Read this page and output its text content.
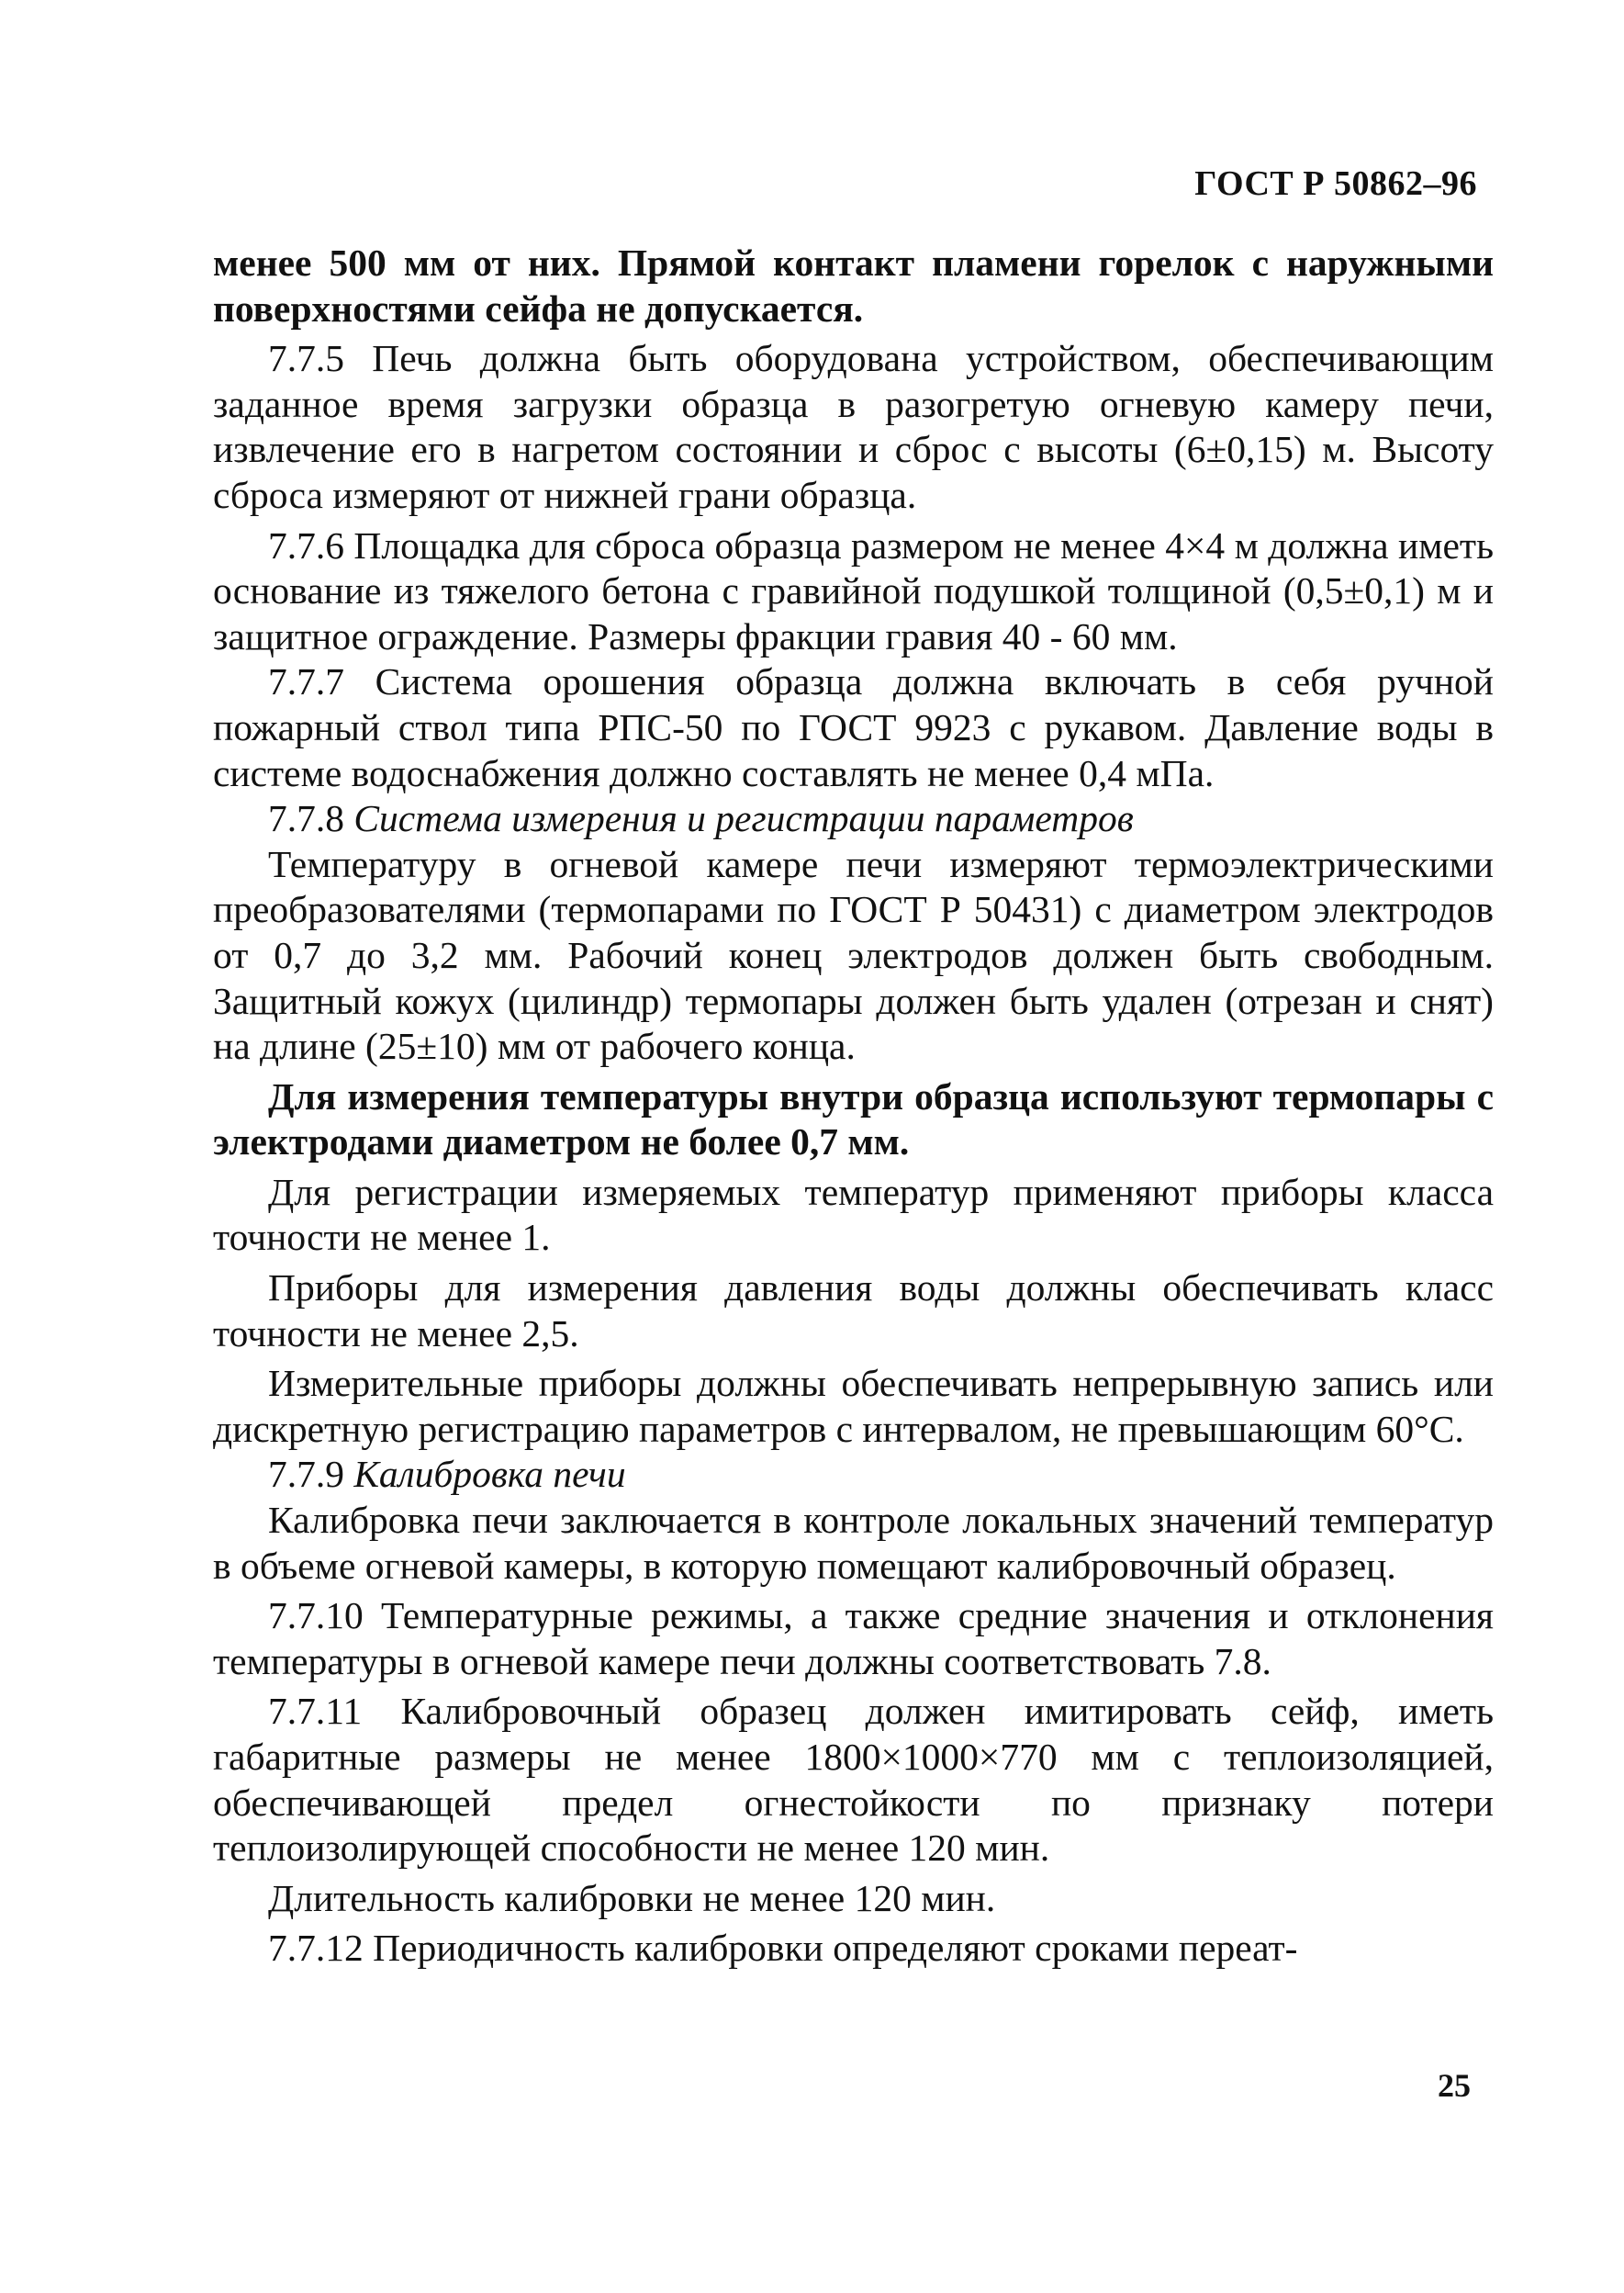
ГОСТ Р 50862–96

менее 500 мм от них. Прямой контакт пламени горелок с наружными поверхностями сейфа не допускается.

7.7.5 Печь должна быть оборудована устройством, обеспечивающим заданное время загрузки образца в разогретую огневую камеру печи, извлечение его в нагретом состоянии и сброс с высоты (6±0,15) м. Высоту сброса измеряют от нижней грани образца.

7.7.6 Площадка для сброса образца размером не менее 4×4 м должна иметь основание из тяжелого бетона с гравийной подушкой толщиной (0,5±0,1) м и защитное ограждение. Размеры фракции гравия 40 - 60 мм.

7.7.7 Система орошения образца должна включать в себя ручной пожарный ствол типа РПС-50 по ГОСТ 9923 с рукавом. Давление воды в системе водоснабжения должно составлять не менее 0,4 мПа.

7.7.8 Система измерения и регистрации параметров

Температуру в огневой камере печи измеряют термоэлектрическими преобразователями (термопарами по ГОСТ Р 50431) с диаметром электродов от 0,7 до 3,2 мм. Рабочий конец электродов должен быть свободным. Защитный кожух (цилиндр) термопары должен быть удален (отрезан и снят) на длине (25±10) мм от рабочего конца.

Для измерения температуры внутри образца используют термопары с электродами диаметром не более 0,7 мм.

Для регистрации измеряемых температур применяют приборы класса точности не менее 1.

Приборы для измерения давления воды должны обеспечивать класс точности не менее 2,5.

Измерительные приборы должны обеспечивать непрерывную запись или дискретную регистрацию параметров с интервалом, не превышающим 60°С.

7.7.9 Калибровка печи

Калибровка печи заключается в контроле локальных значений температур в объеме огневой камеры, в которую помещают калибровочный образец.

7.7.10 Температурные режимы, а также средние значения и отклонения температуры в огневой камере печи должны соответствовать 7.8.

7.7.11 Калибровочный образец должен имитировать сейф, иметь габаритные размеры не менее 1800×1000×770 мм с теплоизоляцией, обеспечивающей предел огнестойкости по признаку потери теплоизолирующей способности не менее 120 мин.

Длительность калибровки не менее 120 мин.

7.7.12 Периодичность калибровки определяют сроками переат-

25
